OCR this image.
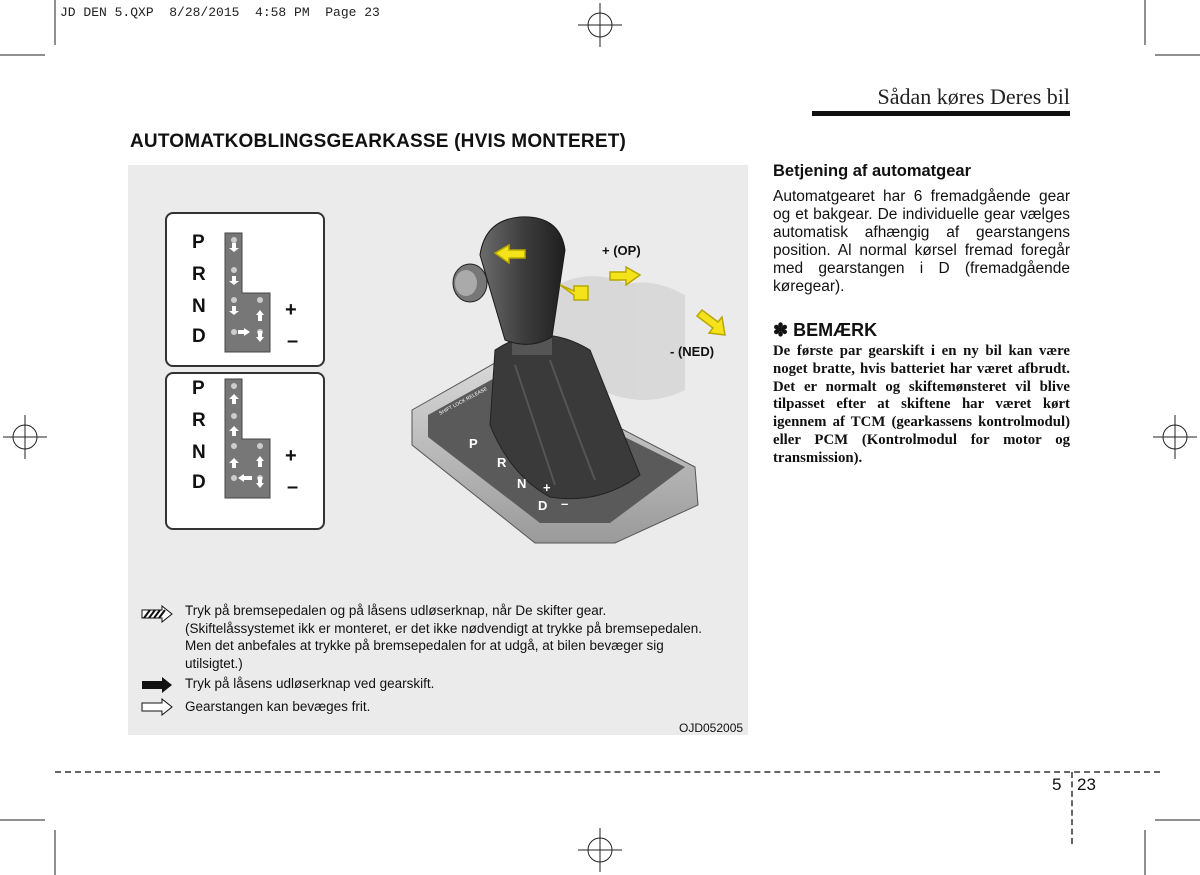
JD DEN 5.QXP  8/28/2015  4:58 PM  Page 23
Sådan køres Deres bil
AUTOMATKOBLINGSGEARKASSE (HVIS MONTERET)
P
R
N
D
+
–
P
R
N
D
+
–
P
R
N
D
+
–
SHIFT LOCK RELEASE
+ (OP)
- (NED)
Tryk på bremsepedalen og på låsens udløserknap, når De skifter gear.
(Skiftelåssystemet ikk er monteret, er det ikke nødvendigt at trykke på bremsepedalen.
Men det anbefales at trykke på bremsepedalen for at udgå, at bilen bevæger sig
utilsigtet.)
Tryk på låsens udløserknap ved gearskift.
Gearstangen kan bevæges frit.
OJD052005
Betjening af automatgear
Automatgearet har 6 fremadgående gear og et bakgear. De individuelle gear vælges automatisk afhængig af gearstangens position. Al normal kørsel fremad foregår med gearstangen i D (fremadgående køregear).
✽ BEMÆRK
De første par gearskift i en ny bil kan være noget bratte, hvis batteriet har været afbrudt. Det er normalt og skiftemønsteret vil blive tilpasset efter at skiftene har været kørt igennem af TCM (gearkassens kontrolmodul) eller PCM (Kontrolmodul for motor og transmission).
5 23
